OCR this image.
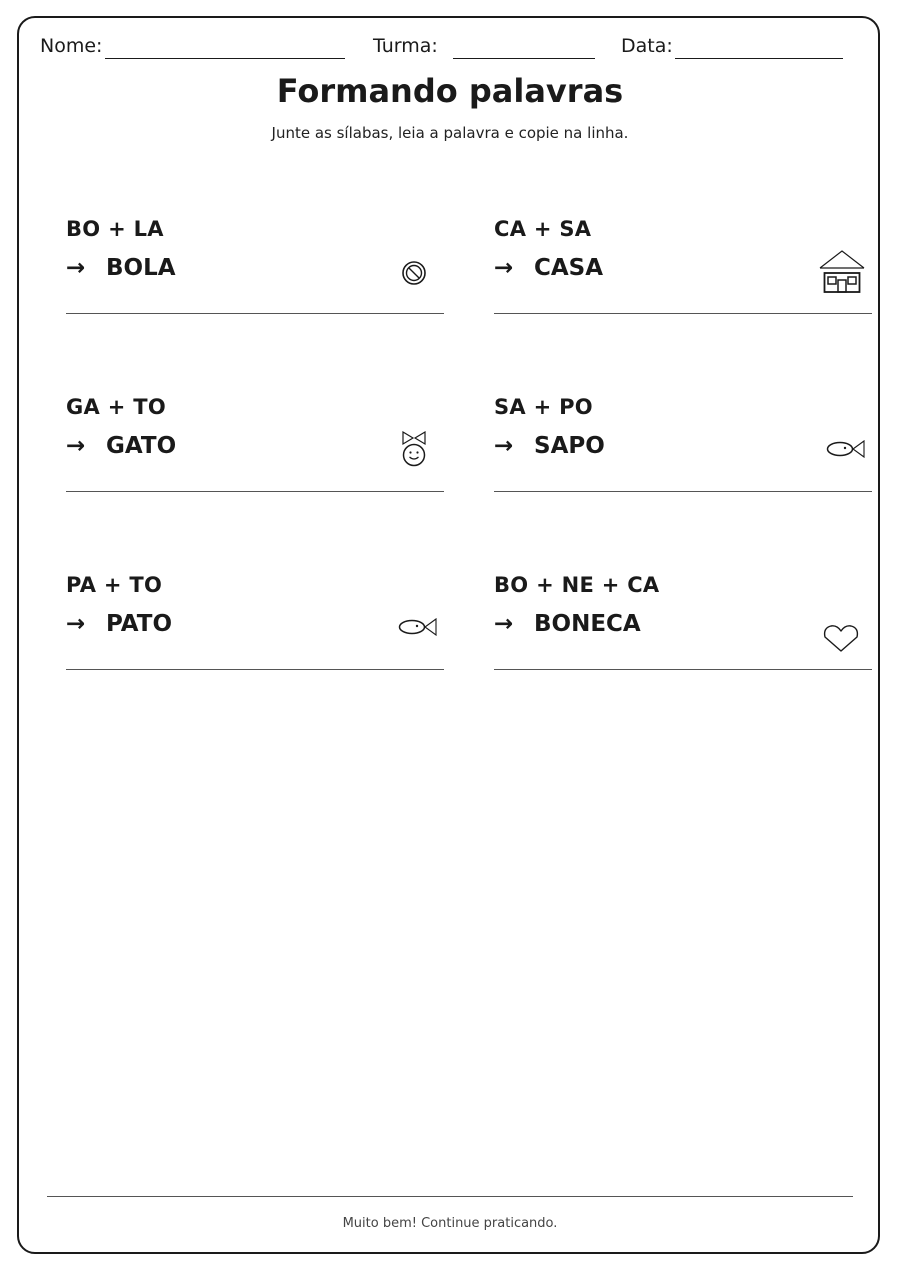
Nome:	Turma:	Data:
Formando palavras
Junte as sílabas, leia a palavra e copie na linha.
BO + LA
→ BOLA
CA + SA
→ CASA
GA + TO
→ GATO
SA + PO
→ SAPO
PA + TO
→ PATO
BO + NE + CA
→ BONECA
Muito bem! Continue praticando.
